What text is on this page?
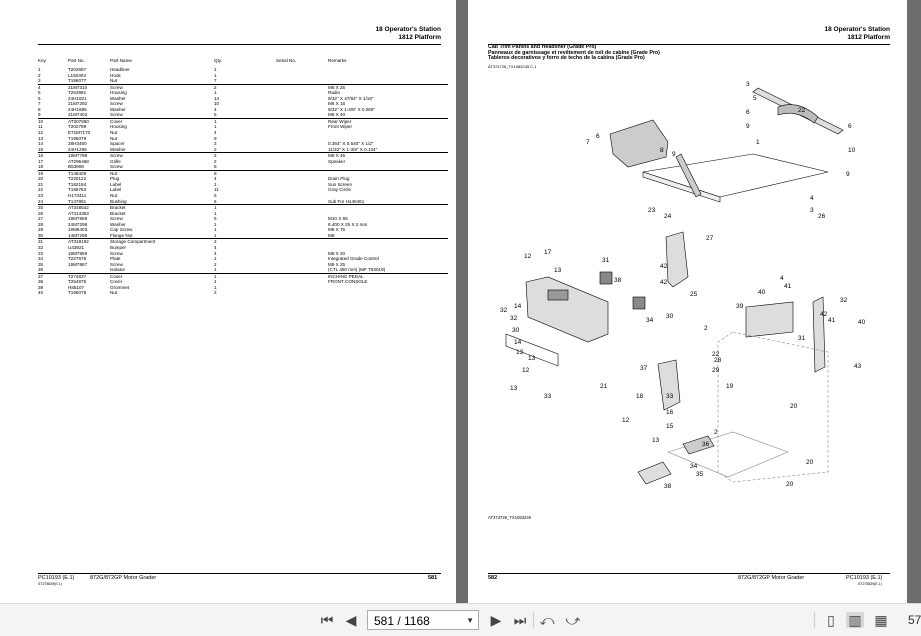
18 Operator's Station
1812 Platform
Key	Part No.	Part Name	Qty.	Serial No.	Remarks
1	T202687	Headliner	1		
2	L160303	Hook	1		
3	T196077	Nut	7		
4	21M7310	Screw	2		M6 X 25
5	T263981	Housing	1		Radio
6	24H1821	Washer	14		9/32" X 47/64" X 1/16"
7	21M7292	Screw	10		M6 X 16
8	24H1695	Washer	4		9/32" X 1-3/8" X 0.065"
9	21M7403	Screw	5		M6 X 40
10	AT307650	Cover	1		Rear Wiper
11	T202799	Housing	1		Front Wiper
12	E71M7170	Nut	4		
13	T196079	Nut	9		
14	28H3450	Spacer	2		0.364" X 0.540" X 1/2"
15	24H1298	Washer	2		11/32" X 1-3/8" X 0.134"
16	19M7799	Screw	2		M8 X 45
17	AT295468	Grille	2		Speaker
18	B53908	Screw	8		
19	T148409	Nut	8		
20	T220122	Plug	4		Drain Plug
21	T182184	Label	1		Sun Screen
22	T186783	Label	11		Gray Circle
23	H173411	Nut	6		
24	T147891	Bushing	6		Sub For H140461
25	AT348542	Bracket	1		
26	AT314363	Bracket	1		
27	19M7858	Screw	6		M10 X 65
28	24M7298	Washer	1		8.400 X 25 X 2 mm
29	19M8403	Cap Screw	1		M8 X 75
30	14M7298	Flange Nut	1		M8
31	AT318192	Storage Compartment	2		
32	U43921	Bumper	4		
33	19M7866	Screw	4		M8 X 20
34	T227675	Plate	1		Integrated Grade Control
35	19M7867	Screw	2		M8 X 25
36		Isolator	1		(CTL 450 mm) (MF T63019)
37	T274837	Cover	1		INCHING PEDAL
38	T254875	Cover	1		FRONT CONSOLE
39	H85107	Grommet	1		
40	T196078	Nut	2		
PC10193 (E.1)	872G/872GP Motor Grader	581
ST275839(E.1)
18 Operator's Station
1812 Platform
Cab Trim Panels and Headliner (Grade Pro)
Panneaux de garnissage et revêtement de toit de cabine (Grade Pro)
Tableros decorativos y forro de techo de la cabina (Grade Pro)
AT374726_TX1083245 C.1
3
22
6
9
5
7
6
8
9
1
10
6
9
4
3
26
23
24
27
17
12
42
42
25
31
13
30
34
14
32
38
40
41
2
22
39
28
29
19
4
31
41
42
32
40
43
16
18
12
37
15
33
13
20
2
36
34
38
35
20
21
14
13
12
13
30
32
33
13
20
AT374726_TX1083245
582	872G/872GP Motor Grader	PC10193 (E.1)
ST275839(E.1)
⏮ ◀ 581 / 1168	▼ ▶ ⏭ ⤺ ⤻	▯ ▥ ▦ 57
